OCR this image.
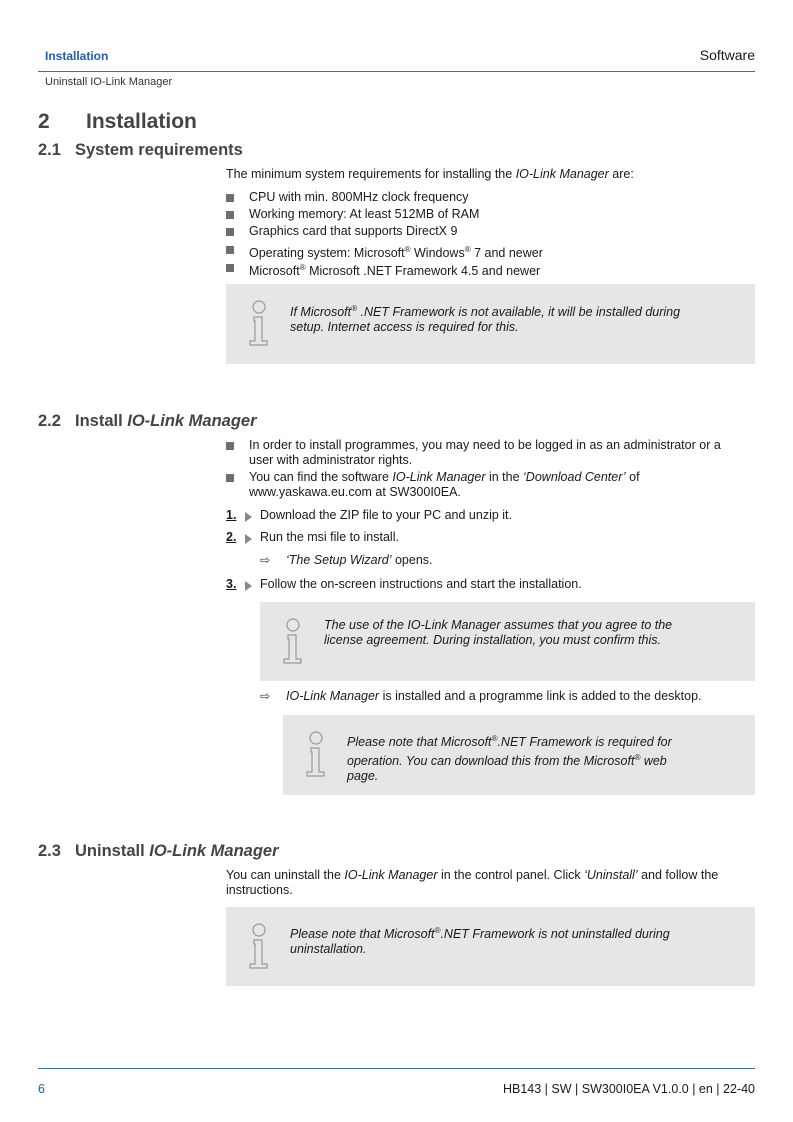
Installation	Software
Uninstall IO-Link Manager
2 Installation
2.1 System requirements
The minimum system requirements for installing the IO-Link Manager are:
CPU with min. 800MHz clock frequency
Working memory: At least 512MB of RAM
Graphics card that supports DirectX 9
Operating system: Microsoft® Windows® 7 and newer
Microsoft® Microsoft .NET Framework 4.5 and newer
If Microsoft® .NET Framework is not available, it will be installed during
setup. Internet access is required for this.
2.2 Install IO-Link Manager
In order to install programmes, you may need to be logged in as an administrator or a
user with administrator rights.
You can find the software IO-Link Manager in the ‘Download Center’ of
www.yaskawa.eu.com at SW300I0EA.
1.	Download the ZIP file to your PC and unzip it.
2.	Run the msi file to install.
⇨ ‘The Setup Wizard’ opens.
3.	Follow the on-screen instructions and start the installation.
The use of the IO-Link Manager assumes that you agree to the
license agreement. During installation, you must confirm this.
⇨ IO-Link Manager is installed and a programme link is added to the desktop.
Please note that Microsoft®.NET Framework is required for
operation. You can download this from the Microsoft® web
page.
2.3 Uninstall IO-Link Manager
You can uninstall the IO-Link Manager in the control panel. Click ‘Uninstall’ and follow the
instructions.
Please note that Microsoft®.NET Framework is not uninstalled during
uninstallation.
6	HB143 | SW | SW300I0EA V1.0.0 | en | 22-40
